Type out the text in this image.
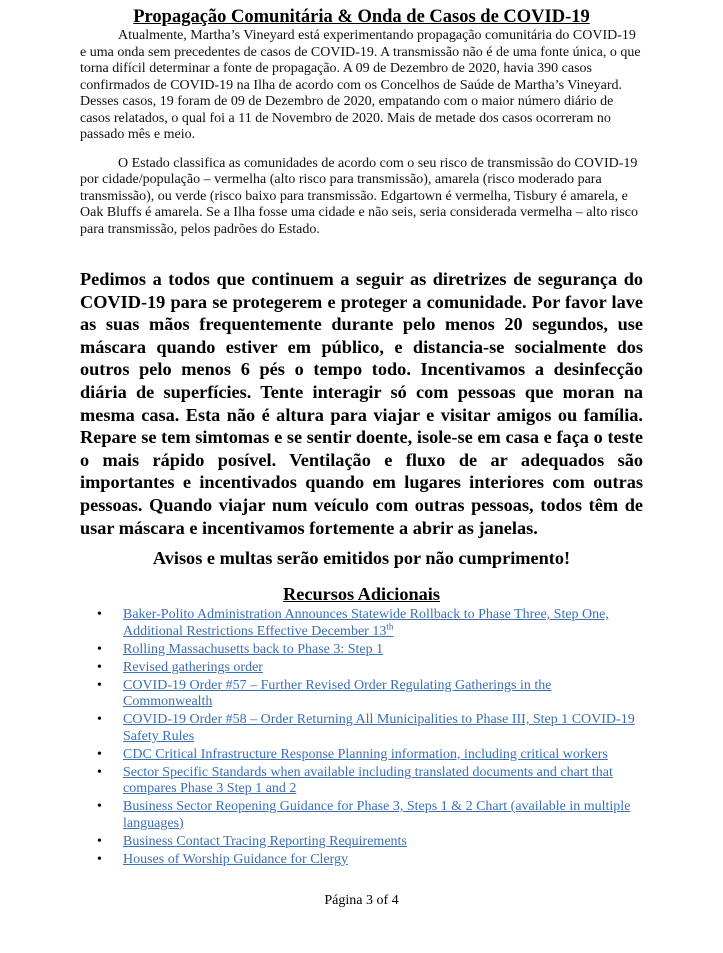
Propagação Comunitária & Onda de Casos de COVID-19

Atualmente, Martha’s Vineyard está experimentando propagação comunitária do COVID-19 e uma onda sem precedentes de casos de COVID-19. A transmissão não é de uma fonte única, o que torna difícil determinar a fonte de propagação. A 09 de Dezembro de 2020, havia 390 casos confirmados de COVID-19 na Ilha de acordo com os Concelhos de Saúde de Martha’s Vineyard. Desses casos, 19 foram de 09 de Dezembro de 2020, empatando com o maior número diário de casos relatados, o qual foi a 11 de Novembro de 2020. Mais de metade dos casos ocorreram no passado mês e meio.

O Estado classifica as comunidades de acordo com o seu risco de transmissão do COVID-19 por cidade/população – vermelha (alto risco para transmissão), amarela (risco moderado para transmissão), ou verde (risco baixo para transmissão. Edgartown é vermelha, Tisbury é amarela, e Oak Bluffs é amarela. Se a Ilha fosse uma cidade e não seis, seria considerada vermelha – alto risco para transmissão, pelos padrões do Estado.

Pedimos a todos que continuem a seguir as diretrizes de segurança do COVID-19 para se protegerem e proteger a comunidade. Por favor lave as suas mãos frequentemente durante pelo menos 20 segundos, use máscara quando estiver em público, e distancia-se socialmente dos outros pelo menos 6 pés o tempo todo. Incentivamos a desinfecção diária de superfícies. Tente interagir só com pessoas que moran na mesma casa. Esta não é altura para viajar e visitar amigos ou família. Repare se tem simtomas e se sentir doente, isole-se em casa e faça o teste o mais rápido posível. Ventilação e fluxo de ar adequados são importantes e incentivados quando em lugares interiores com outras pessoas. Quando viajar num veículo com outras pessoas, todos têm de usar máscara e incentivamos fortemente a abrir as janelas.

Avisos e multas serão emitidos por não cumprimento!

Recursos Adicionais

• Baker-Polito Administration Announces Statewide Rollback to Phase Three, Step One, Additional Restrictions Effective December 13th
• Rolling Massachusetts back to Phase 3: Step 1
• Revised gatherings order
• COVID-19 Order #57 – Further Revised Order Regulating Gatherings in the Commonwealth
• COVID-19 Order #58 – Order Returning All Municipalities to Phase III, Step 1 COVID-19 Safety Rules
• CDC Critical Infrastructure Response Planning information, including critical workers
• Sector Specific Standards when available including translated documents and chart that compares Phase 3 Step 1 and 2
• Business Sector Reopening Guidance for Phase 3, Steps 1 & 2 Chart (available in multiple languages)
• Business Contact Tracing Reporting Requirements
• Houses of Worship Guidance for Clergy
Página 3 of 4
